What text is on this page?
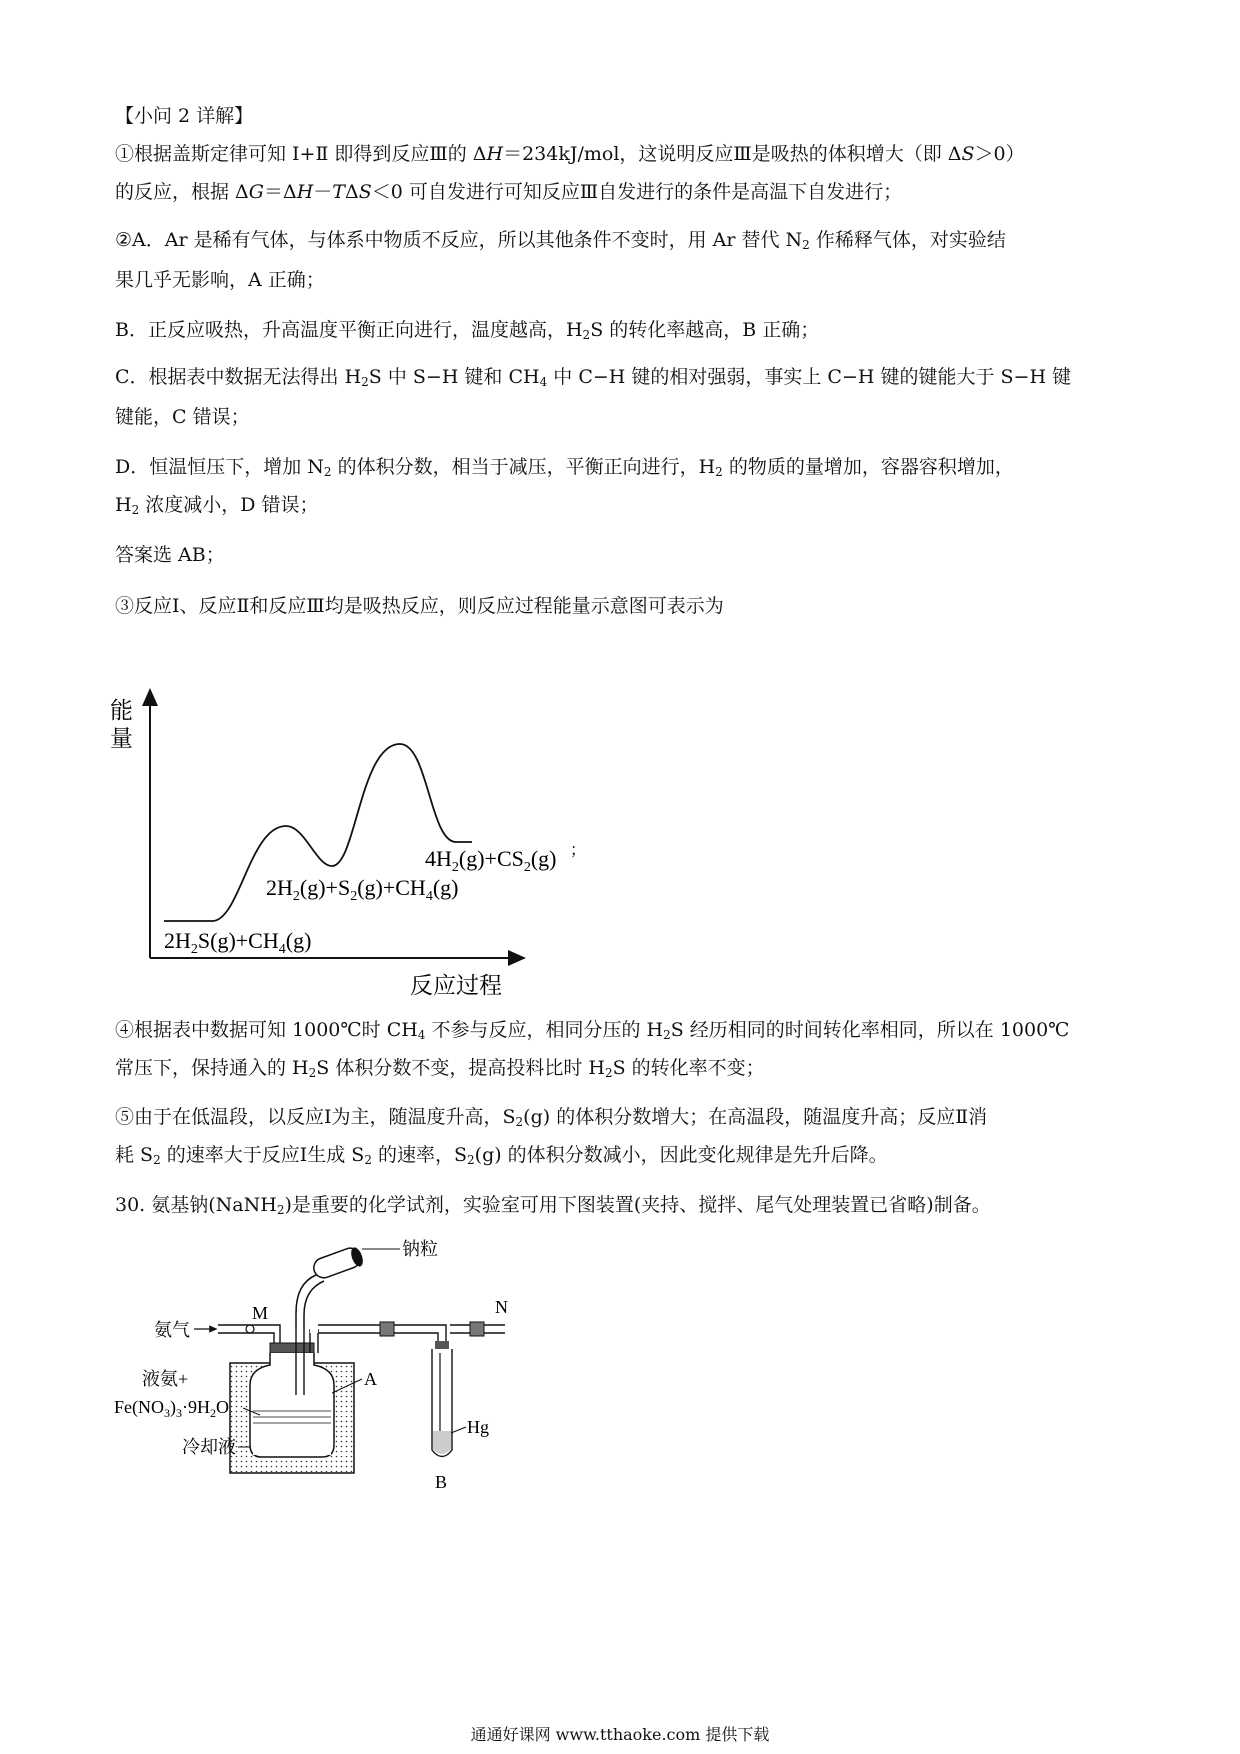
【小问 2 详解】
①根据盖斯定律可知 Ⅰ+Ⅱ 即得到反应Ⅲ的 ΔH＝234kJ/mol，这说明反应Ⅲ是吸热的体积增大（即 ΔS＞0）
的反应，根据 ΔG＝ΔH－TΔS＜0 可自发进行可知反应Ⅲ自发进行的条件是高温下自发进行；
②A．Ar 是稀有气体，与体系中物质不反应，所以其他条件不变时，用 Ar 替代 $N_2$ 作稀释气体，对实验结
果几乎无影响，A 正确；
B．正反应吸热，升高温度平衡正向进行，温度越高，$H_2S$ 的转化率越高，B 正确；
C．根据表中数据无法得出 $H_2S$ 中 S−H 键和 $CH_4$ 中 C−H 键的相对强弱，事实上 C−H 键的键能大于 S−H 键
键能，C 错误；
D．恒温恒压下，增加 $N_2$ 的体积分数，相当于减压，平衡正向进行，$H_2$ 的物质的量增加，容器容积增加，
$H_2$ 浓度减小，D 错误；
答案选 AB；
③反应Ⅰ、反应Ⅱ和反应Ⅲ均是吸热反应，则反应过程能量示意图可表示为
能
量
反应过程
$2H_2S(g)+CH_4(g)$
$2H_2(g)+S_2(g)+CH_4(g)$
$4H_2(g)+CS_2(g)$ ；
④根据表中数据可知 1000℃时 $CH_4$ 不参与反应，相同分压的 $H_2S$ 经历相同的时间转化率相同，所以在 1000℃
常压下，保持通入的 $H_2S$ 体积分数不变，提高投料比时 $H_2S$ 的转化率不变；
⑤由于在低温段，以反应Ⅰ为主，随温度升高，$S_2(g)$ 的体积分数增大；在高温段，随温度升高；反应Ⅱ消
耗 $S_2$ 的速率大于反应Ⅰ生成 $S_2$ 的速率，$S_2(g)$ 的体积分数减小，因此变化规律是先升后降。
30. 氨基钠(NaNH$_2$)是重要的化学试剂，实验室可用下图装置(夹持、搅拌、尾气处理装置已省略)制备。
钠粒
氨气
M
A
N
Hg
B
液氨+
$Fe(NO_3)_3\cdot 9H_2O$
冷却液
通通好课网 www.tthaoke.com 提供下载
